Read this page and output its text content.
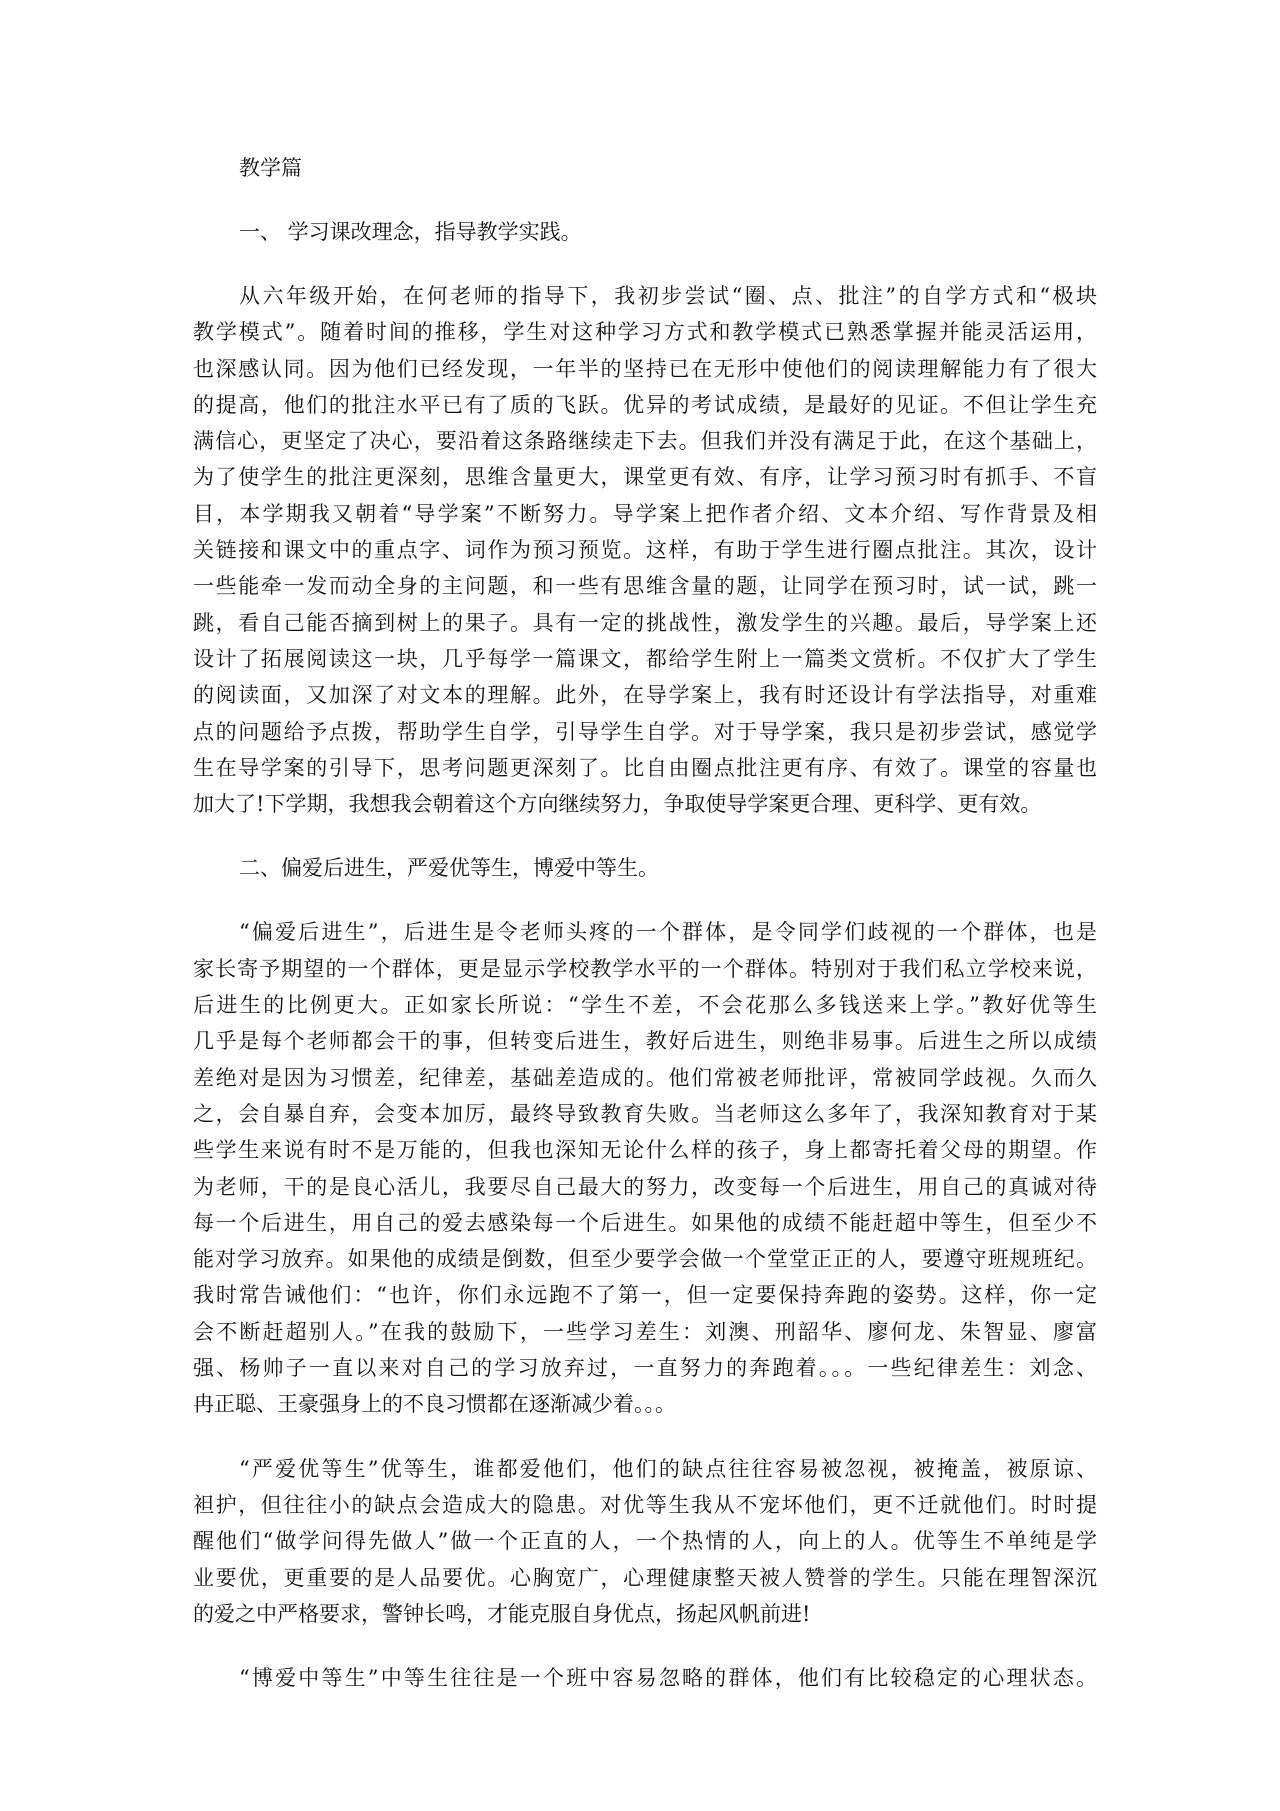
教学篇
一、 学习课改理念，指导教学实践。
从六年级开始，在何老师的指导下，我初步尝试“圈、点、批注”的自学方式和“极块
教学模式”。随着时间的推移，学生对这种学习方式和教学模式已熟悉掌握并能灵活运用，
也深感认同。因为他们已经发现，一年半的坚持已在无形中使他们的阅读理解能力有了很大
的提高，他们的批注水平已有了质的飞跃。优异的考试成绩，是最好的见证。不但让学生充
满信心，更坚定了决心，要沿着这条路继续走下去。但我们并没有满足于此，在这个基础上，
为了使学生的批注更深刻，思维含量更大，课堂更有效、有序，让学习预习时有抓手、不盲
目，本学期我又朝着“导学案”不断努力。导学案上把作者介绍、文本介绍、写作背景及相
关链接和课文中的重点字、词作为预习预览。这样，有助于学生进行圈点批注。其次，设计
一些能牵一发而动全身的主问题，和一些有思维含量的题，让同学在预习时，试一试，跳一
跳，看自己能否摘到树上的果子。具有一定的挑战性，激发学生的兴趣。最后，导学案上还
设计了拓展阅读这一块，几乎每学一篇课文，都给学生附上一篇类文赏析。不仅扩大了学生
的阅读面，又加深了对文本的理解。此外，在导学案上，我有时还设计有学法指导，对重难
点的问题给予点拨，帮助学生自学，引导学生自学。对于导学案，我只是初步尝试，感觉学
生在导学案的引导下，思考问题更深刻了。比自由圈点批注更有序、有效了。课堂的容量也
加大了!下学期，我想我会朝着这个方向继续努力，争取使导学案更合理、更科学、更有效。
二、偏爱后进生，严爱优等生，博爱中等生。
“偏爱后进生”，后进生是令老师头疼的一个群体，是令同学们歧视的一个群体，也是
家长寄予期望的一个群体，更是显示学校教学水平的一个群体。特别对于我们私立学校来说，
后进生的比例更大。正如家长所说：“学生不差，不会花那么多钱送来上学。”教好优等生
几乎是每个老师都会干的事，但转变后进生，教好后进生，则绝非易事。后进生之所以成绩
差绝对是因为习惯差，纪律差，基础差造成的。他们常被老师批评，常被同学歧视。久而久
之，会自暴自弃，会变本加厉，最终导致教育失败。当老师这么多年了，我深知教育对于某
些学生来说有时不是万能的，但我也深知无论什么样的孩子，身上都寄托着父母的期望。作
为老师，干的是良心活儿，我要尽自己最大的努力，改变每一个后进生，用自己的真诚对待
每一个后进生，用自己的爱去感染每一个后进生。如果他的成绩不能赶超中等生，但至少不
能对学习放弃。如果他的成绩是倒数，但至少要学会做一个堂堂正正的人，要遵守班规班纪。
我时常告诫他们：“也许，你们永远跑不了第一，但一定要保持奔跑的姿势。这样，你一定
会不断赶超别人。”在我的鼓励下，一些学习差生：刘澳、刑韶华、廖何龙、朱智显、廖富
强、杨帅子一直以来对自己的学习放弃过，一直努力的奔跑着。。。一些纪律差生：刘念、
冉正聪、王豪强身上的不良习惯都在逐渐减少着。。。
“严爱优等生”优等生，谁都爱他们，他们的缺点往往容易被忽视，被掩盖，被原谅、
袒护，但往往小的缺点会造成大的隐患。对优等生我从不宠坏他们，更不迁就他们。时时提
醒他们“做学问得先做人”做一个正直的人，一个热情的人，向上的人。优等生不单纯是学
业要优，更重要的是人品要优。心胸宽广，心理健康整天被人赞誉的学生。只能在理智深沉
的爱之中严格要求，警钟长鸣，才能克服自身优点，扬起风帆前进!
“博爱中等生”中等生往往是一个班中容易忽略的群体，他们有比较稳定的心理状态。
